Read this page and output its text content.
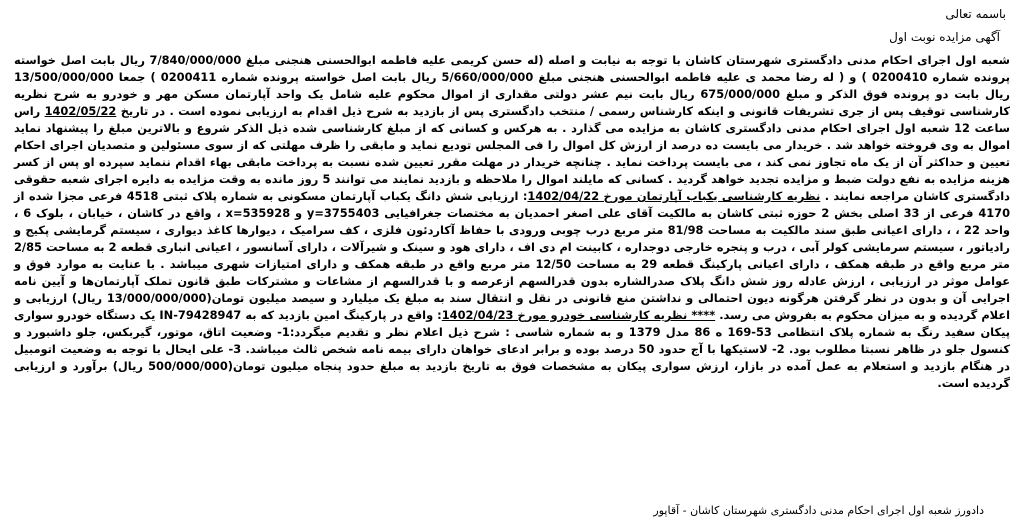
باسمه تعالی
آگهی مزایده نوبت اول
شعبه اول اجرای احکام مدنی دادگستری شهرستان کاشان با توجه به نیابت و اصله (له حسن کریمی علیه فاطمه ابوالحسنی هنجنی مبلغ 7/840/000/000 ریال بابت اصل خواسته پرونده شماره 0200410 ) و ( له رضا محمد ی علیه فاطمه ابوالحسنی هنجنی مبلغ 5/660/000/000 ریال بابت اصل خواسته پرونده شماره 0200411 ) جمعا 13/500/000/000 ریال بابت دو پرونده فوق الذکر و مبلغ 675/000/000 ریال بابت نیم عشر دولتی مقداری از اموال محکوم علیه شامل یک واحد آپارتمان مسکن مهر و خودرو به شرح نظریه کارشناسی توقیف پس از جری تشریفات قانونی و اینکه کارشناس رسمی / منتخب دادگستری پس از بازدید به شرح ذیل اقدام به ارزیابی نموده است . در تاریخ 1402/05/22 راس ساعت 12 شعبه اول اجرای احکام مدنی دادگستری کاشان به مزایده می گذارد . به هرکس و کسانی که از مبلغ کارشناسی شده ذیل الذکر شروع و بالاترین مبلغ را پیشنهاد نماید اموال به وی فروخته خواهد شد . خریدار می بایست ده درصد از ارزش کل اموال را فی المجلس تودیع نماید و مابقی را ظرف مهلتی که از سوی مسئولین و متصدیان اجرای احکام تعیین و حداکثر آن از یک ماه تجاوز نمی کند ، می بایست پرداخت نماید . چنانچه خریدار در مهلت مقرر تعیین شده نسبت به پرداخت مابقی بهاء اقدام ننماید سپرده او پس از کسر هزینه مزایده به نفع دولت ضبط و مزایده تجدید خواهد گردید . کسانی که مایلند اموال را ملاحظه و بازدید نمایند می توانند 5 روز مانده به وقت مزایده به دایره اجرای شعبه حقوقی دادگستری کاشان مراجعه نمایند . نظریه کارشناسی یکباب آپارتمان مورخ 1402/04/22: ارزیابی شش دانگ یکباب آپارتمان مسکونی به شماره پلاک ثبتی 4518 فرعی مجزا شده از 4170 فرعی از 33 اصلی بخش 2 حوزه ثبتی کاشان به مالکیت آقای علی اصغر احمدیان به مختصات جغرافیایی y=3755403 و x=535928 ، واقع در کاشان ، خیابان ، بلوک 6 ، واحد 22 ، ، دارای اعیانی طبق سند مالکیت به مساحت 81/98 متر مربع درب چوبی ورودی با حفاظ آکاردئون فلزی ، کف سرامیک ، دیوارها کاغذ دیواری ، سیستم گرمایشی پکیج و رادیاتور ، سیستم سرمایشی کولر آبی ، درب و پنجره خارجی دوجداره ، کابینت ام دی اف ، دارای هود و سینک و شیرآلات ، دارای آسانسور ، اعیانی انباری قطعه 2 به مساحت 2/85 متر مربع واقع در طبقه همکف ، دارای اعیانی پارکینگ قطعه 29 به مساحت 12/50 متر مربع واقع در طبقه همکف و دارای امتیازات شهری میباشد . با عنایت به موارد فوق و عوامل موثر در ارزیابی ، ارزش عادله روز شش دانگ پلاک صدرالشاره بدون قدرالسهم ازعرصه و با قدرالسهم از مشاعات و مشترکات طبق قانون تملک آپارتمان‌ها و آیین نامه اجرایی آن و بدون در نظر گرفتن هرگونه دیون احتمالی و نداشتن منع قانونی در نقل و انتقال سند به مبلغ یک میلیارد و سیصد میلیون تومان(13/000/000/000 ریال) ارزیابی و اعلام گردیده و به میزان محکوم به بفروش می رسد. **** نظریه کارشناسی خودرو مورخ 1402/04/23: واقع در پارکینگ امین بازدید که به IN-79428947 یک دستگاه خودرو سواری پیکان سفید رنگ به شماره پلاک انتظامی 53-169 ه 86 مدل 1379 و به شماره شاسی : شرح ذیل اعلام نظر و تقدیم میگردد:1- وضعیت اتاق، موتور، گیربکس، جلو داشبورد و کنسول جلو در ظاهر نسبتا مطلوب بود. 2- لاستیکها با آج حدود 50 درصد بوده و برابر ادعای خواهان دارای بیمه نامه شخص ثالث میباشد. 3- علی ایحال با توجه به وضعیت اتومبیل در هنگام بازدید و استعلام به عمل آمده در بازار، ارزش سواری پیکان به مشخصات فوق به تاریخ بازدید به مبلغ حدود پنجاه میلیون تومان(500/000/000 ریال) برآورد و ارزیابی گردیده است.
دادورز شعبه اول اجرای احکام مدنی دادگستری شهرستان کاشان - آقاپور
